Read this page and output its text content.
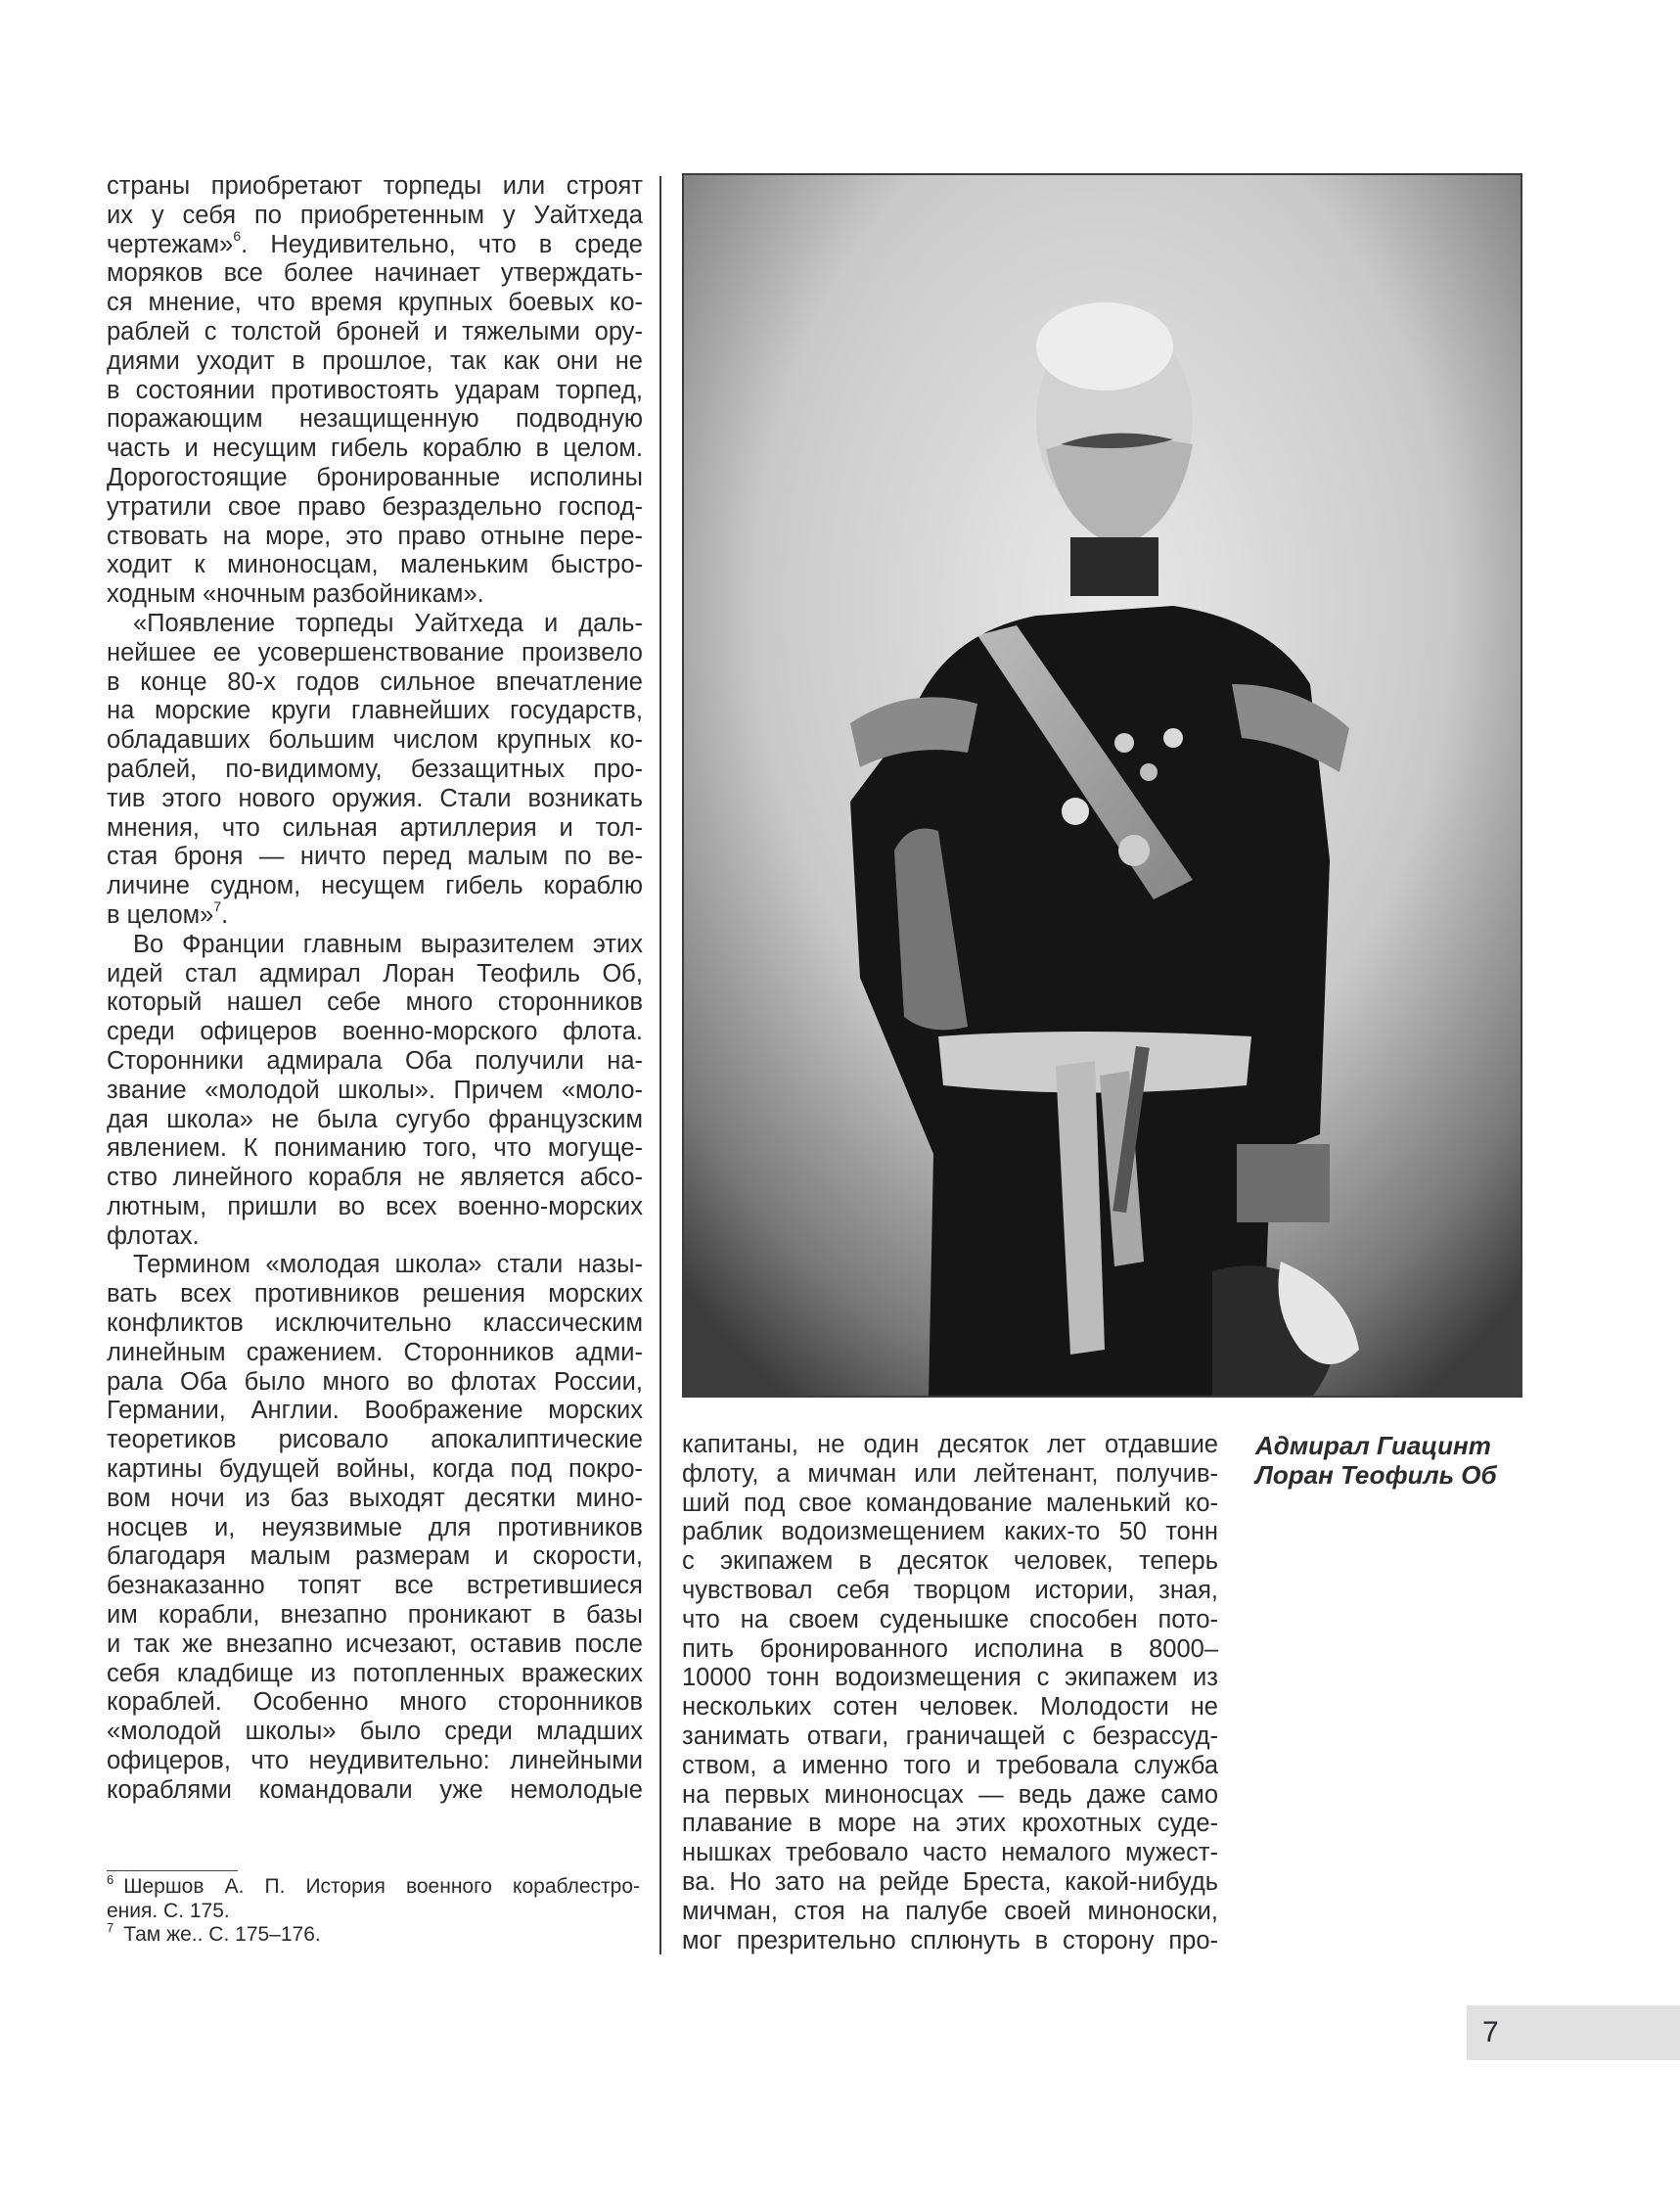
страны приобретают торпеды или строят
их у себя по приобретенным у Уайтхеда
чертежам»$^6$. Неудивительно, что в среде
моряков все более начинает утверждать-
ся мнение, что время крупных боевых ко-
раблей с толстой броней и тяжелыми ору-
диями уходит в прошлое, так как они не
в состоянии противостоять ударам торпед,
поражающим незащищенную подводную
часть и несущим гибель кораблю в целом.
Дорогостоящие бронированные исполины
утратили свое право безраздельно господ-
ствовать на море, это право отныне пере-
ходит к миноносцам, маленьким быстро-
ходным «ночным разбойникам».
«Появление торпеды Уайтхеда и даль-
нейшее ее усовершенствование произвело
в конце 80-х годов сильное впечатление
на морские круги главнейших государств,
обладавших большим числом крупных ко-
раблей, по-видимому, беззащитных про-
тив этого нового оружия. Стали возникать
мнения, что сильная артиллерия и тол-
стая броня — ничто перед малым по ве-
личине судном, несущем гибель кораблю
в целом»$^7$.
Во Франции главным выразителем этих
идей стал адмирал Лоран Теофиль Об,
который нашел себе много сторонников
среди офицеров военно-морского флота.
Сторонники адмирала Оба получили на-
звание «молодой школы». Причем «моло-
дая школа» не была сугубо французским
явлением. К пониманию того, что могуще-
ство линейного корабля не является абсо-
лютным, пришли во всех военно-морских
флотах.
Термином «молодая школа» стали назы-
вать всех противников решения морских
конфликтов исключительно классическим
линейным сражением. Сторонников адми-
рала Оба было много во флотах России,
Германии, Англии. Воображение морских
теоретиков рисовало апокалиптические
картины будущей войны, когда под покро-
вом ночи из баз выходят десятки мино-
носцев и, неуязвимые для противников
благодаря малым размерам и скорости,
безнаказанно топят все встретившиеся
им корабли, внезапно проникают в базы
и так же внезапно исчезают, оставив после
себя кладбище из потопленных вражеских
кораблей. Особенно много сторонников
«молодой школы» было среди младших
офицеров, что неудивительно: линейными
кораблями командовали уже немолодые
Адмирал Гиацинт
Лоран Теофиль Об
капитаны, не один десяток лет отдавшие
флоту, а мичман или лейтенант, получив-
ший под свое командование маленький ко-
раблик водоизмещением каких-то 50 тонн
с экипажем в десяток человек, теперь
чувствовал себя творцом истории, зная,
что на своем суденышке способен пото-
пить бронированного исполина в 8000–
10000 тонн водоизмещения с экипажем из
нескольких сотен человек. Молодости не
занимать отваги, граничащей с безрассуд-
ством, а именно того и требовала служба
на первых миноносцах — ведь даже само
плавание в море на этих крохотных суде-
нышках требовало часто немалого мужест-
ва. Но зато на рейде Бреста, какой-нибудь
мичман, стоя на палубе своей миноноски,
мог презрительно сплюнуть в сторону про-
$^6$ Шершов А. П. История военного кораблестро-
ения. С. 175.
$^7$ Там же.. С. 175–176.
7
